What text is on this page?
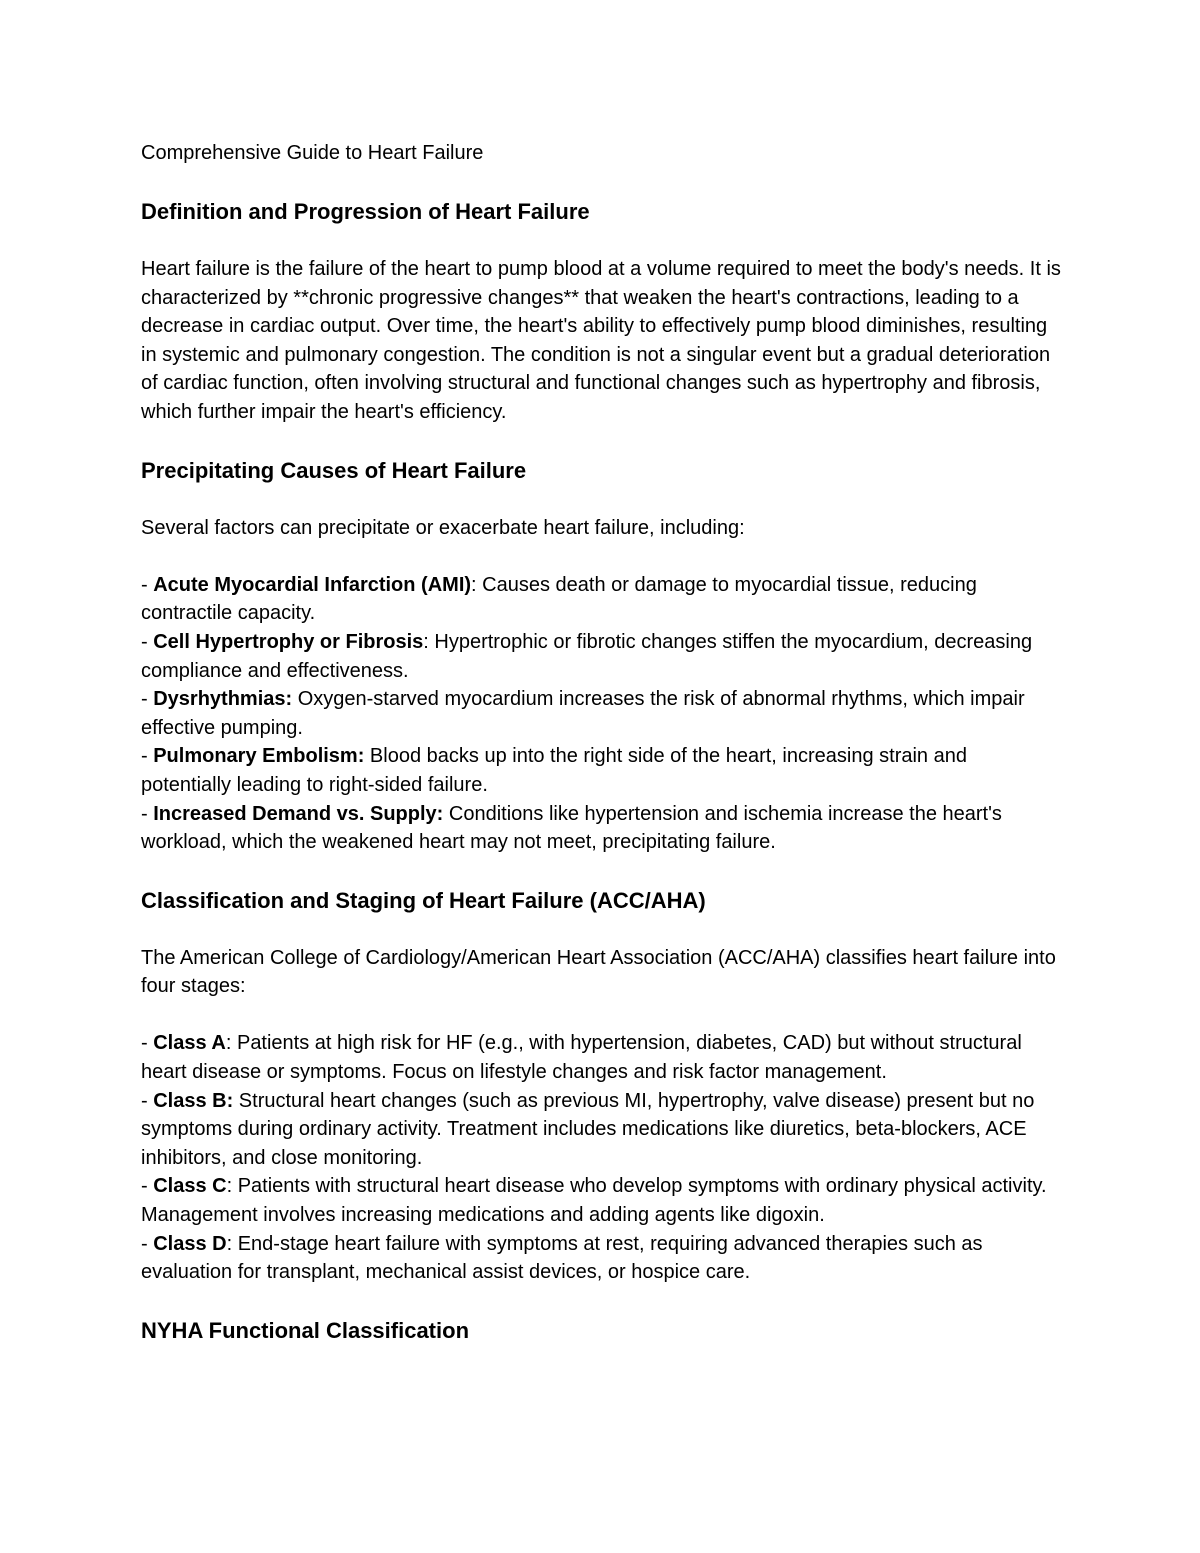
Comprehensive Guide to Heart Failure

Definition and Progression of Heart Failure

Heart failure is the failure of the heart to pump blood at a volume required to meet the body's needs. It is characterized by **chronic progressive changes** that weaken the heart's contractions, leading to a decrease in cardiac output. Over time, the heart's ability to effectively pump blood diminishes, resulting in systemic and pulmonary congestion. The condition is not a singular event but a gradual deterioration of cardiac function, often involving structural and functional changes such as hypertrophy and fibrosis, which further impair the heart's efficiency.

Precipitating Causes of Heart Failure

Several factors can precipitate or exacerbate heart failure, including:

- Acute Myocardial Infarction (AMI): Causes death or damage to myocardial tissue, reducing contractile capacity.

- Cell Hypertrophy or Fibrosis: Hypertrophic or fibrotic changes stiffen the myocardium, decreasing compliance and effectiveness.

- Dysrhythmias: Oxygen-starved myocardium increases the risk of abnormal rhythms, which impair effective pumping.

- Pulmonary Embolism: Blood backs up into the right side of the heart, increasing strain and potentially leading to right-sided failure.

- Increased Demand vs. Supply: Conditions like hypertension and ischemia increase the heart's workload, which the weakened heart may not meet, precipitating failure.

Classification and Staging of Heart Failure (ACC/AHA)

The American College of Cardiology/American Heart Association (ACC/AHA) classifies heart failure into four stages:

- Class A: Patients at high risk for HF (e.g., with hypertension, diabetes, CAD) but without structural heart disease or symptoms. Focus on lifestyle changes and risk factor management.

- Class B: Structural heart changes (such as previous MI, hypertrophy, valve disease) present but no symptoms during ordinary activity. Treatment includes medications like diuretics, beta-blockers, ACE inhibitors, and close monitoring.

- Class C: Patients with structural heart disease who develop symptoms with ordinary physical activity. Management involves increasing medications and adding agents like digoxin.

- Class D: End-stage heart failure with symptoms at rest, requiring advanced therapies such as evaluation for transplant, mechanical assist devices, or hospice care.

NYHA Functional Classification
